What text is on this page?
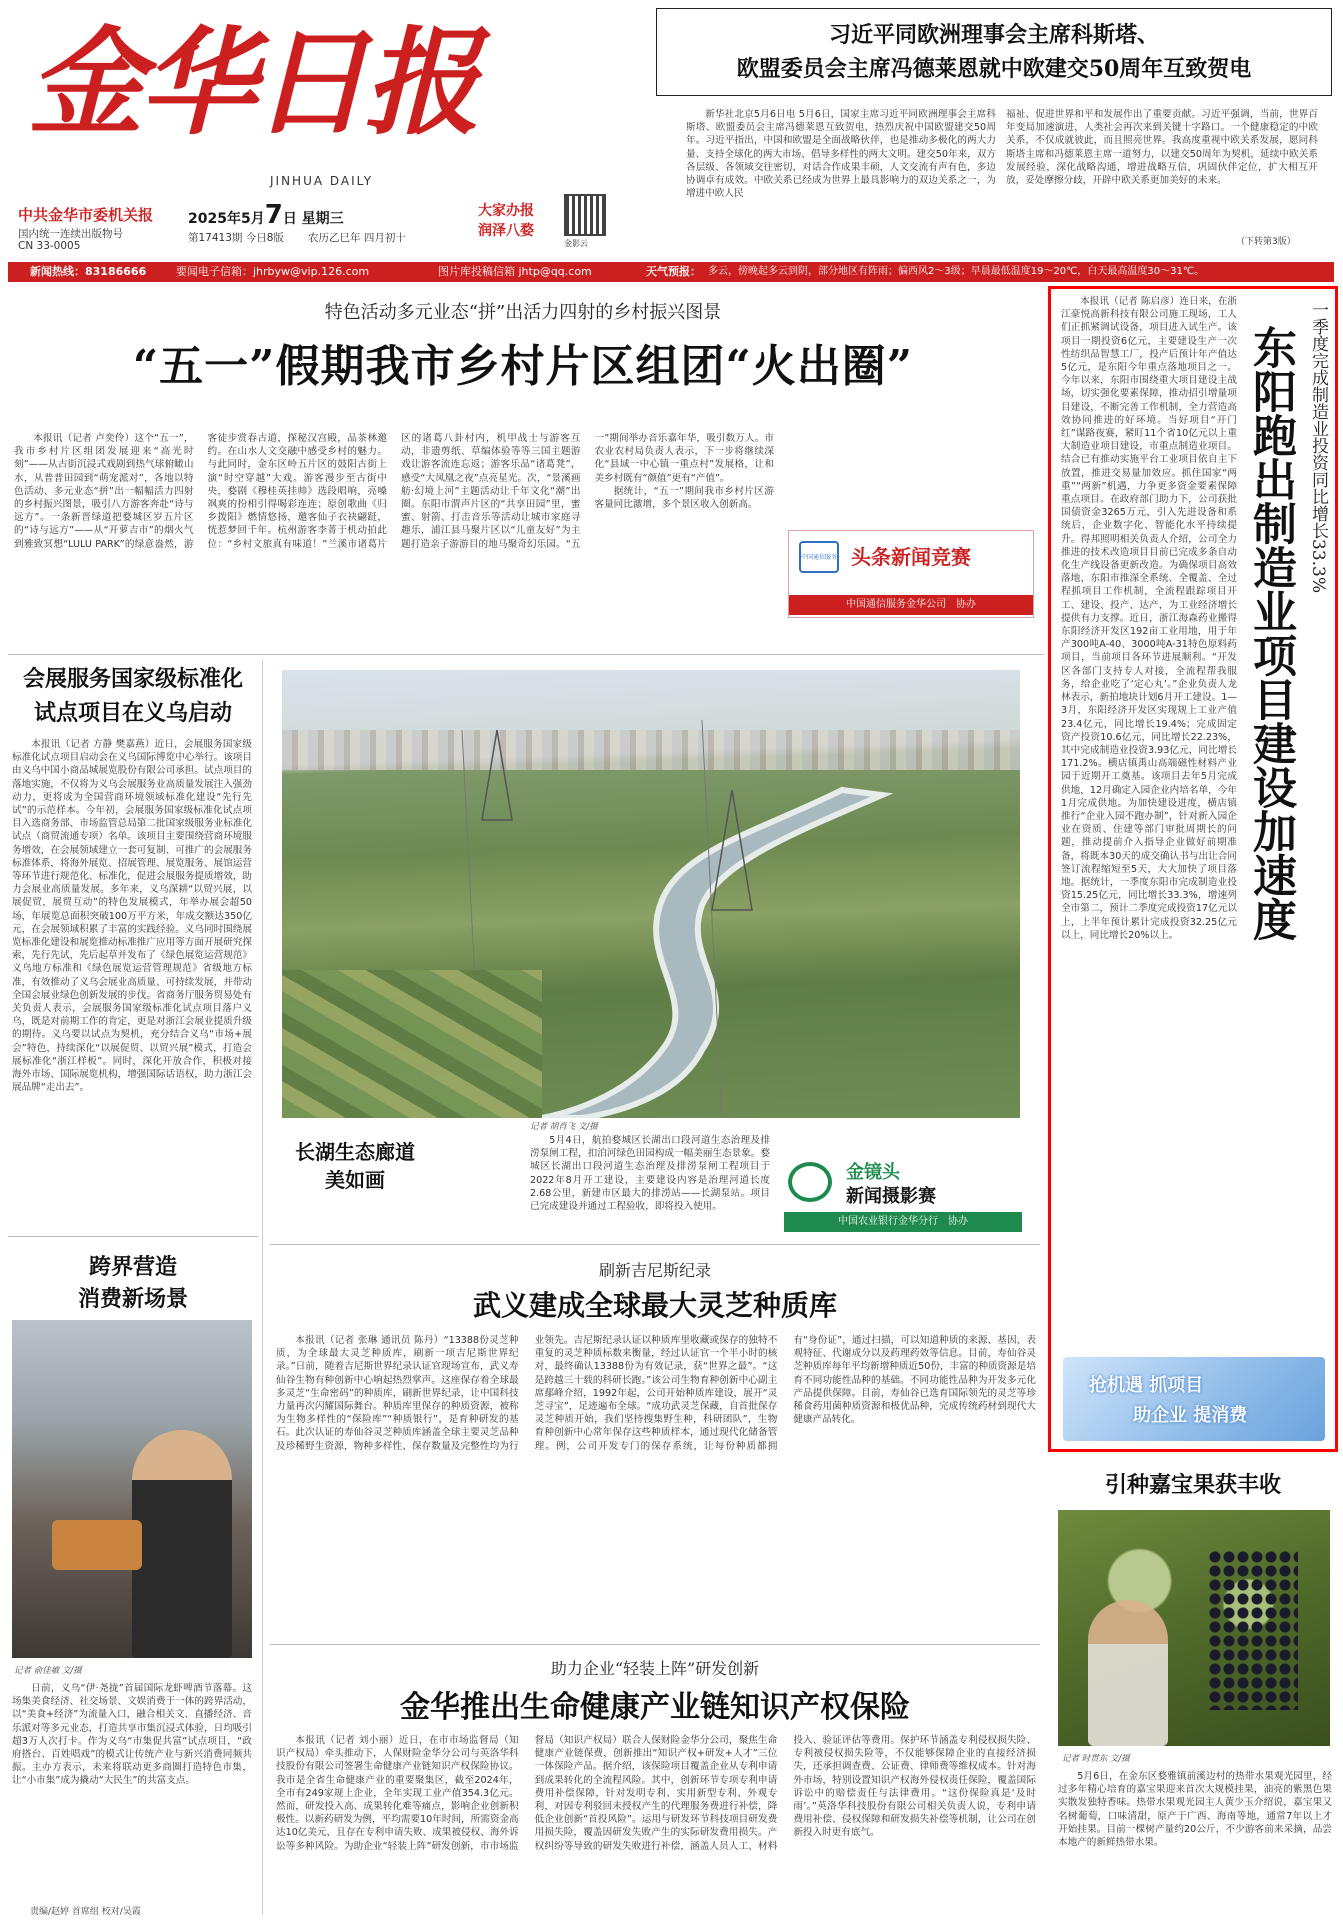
金华日报
JINHUA DAILY
中共金华市委机关报
国内统一连续出版物号
CN 33-0005
2025年5月7日 星期三
第17413期 今日8版 农历乙巳年 四月初十
大家办报
润泽八婺
金影云
习近平同欧洲理事会主席科斯塔、
欧盟委员会主席冯德莱恩就中欧建交50周年互致贺电

新华社北京5月6日电 5月6日，国家主席习近平同欧洲理事会主席科斯塔、欧盟委员会主席冯德莱恩互致贺电，热烈庆祝中国欧盟建交50周年。习近平指出，中国和欧盟是全面战略伙伴，也是推动多极化的两大力量、支持全球化的两大市场、倡导多样性的两大文明。建交50年来，双方各层级、各领域交往密切，对话合作成果丰硕，人文交流有声有色，多边协调卓有成效。中欧关系已经成为世界上最具影响力的双边关系之一，为增进中欧人民

福祉、促进世界和平和发展作出了重要贡献。习近平强调，当前，世界百年变局加速演进，人类社会再次来到关键十字路口。一个健康稳定的中欧关系，不仅成就彼此，而且照亮世界。我高度重视中欧关系发展，愿同科斯塔主席和冯德莱恩主席一道努力，以建交50周年为契机，延续中欧关系发展经验，深化战略沟通，增进战略互信，巩固伙伴定位，扩大相互开放，妥处摩擦分歧，开辟中欧关系更加美好的未来。

（下转第3版）
新闻热线：83186666	要闻电子信箱：jhrbyw@vip.126.com	图片库投稿信箱 jhtp@qq.com	天气预报： 多云，傍晚起多云到阴，部分地区有阵雨；偏西风2～3级；早晨最低温度19～20℃，白天最高温度30～31℃。
特色活动多元业态“拼”出活力四射的乡村振兴图景
“五一”假期我市乡村片区组团“火出圈”

本报讯（记者 卢奕伶）这个“五一”，我市乡村片区组团发展迎来“高光时刻”——从古街沉浸式戏剧到热气球俯瞰山水，从普普田园到“萌宠派对”，各地以特色活动、多元业态“拼”出一幅幅活力四射的乡村振兴图景，吸引八方游客奔赴“诗与远方”。一条新晋绿道把婺城区岁五片区的“诗与远方”——从“开萝吉市”的烟火气到雅致冥想“LULU PARK”的绿意盎然，游客徒步赏春古道，探秘汉宫殿，品茶林邀约。在山水人文交融中感受乡村的魅力。与此同时，金东区岭五片区的鼓阳古街上演“时空穿越”大戏。游客漫步至古街中央，婺剧《穆桂英挂帅》选段唱响，亮嗓飒爽的扮相引得喝彩连连；原创歌曲《归乡拨阳》燃情悠扬，邀客仙子衣袂翩跹，恍惹梦回千年。杭州游客李菁于机动拍此位：“乡村文旅真有味道！”兰溪市诸葛片区的诸葛八卦村内，机甲战士与游客互动，非遗剪纸、草编体验等等三国主题游戏让游客流连忘返；游客乐品“诸葛凳”，感受“大凤凰之夜”点亮星光。次，“景溪画舫·幻境上河”主题活动让千年文化“潮”出圈。东阳市渭声片区的“共享田园”里，蜜蜜、射箭、打击音乐等活动让城市家庭寻趣乐，浦江县马聚片区以“儿童友好”为主题打造亲子游游目的地马聚奇幻乐园。“五一”期间举办音乐嘉年华，吸引数万人。市农业农村局负责人表示，下一步将继续深化“县域一中心镇一重点村”发展格，让和美乡村既有“颜值”更有“产值”。

据统计，“五一”期间我市乡村片区游客量同比激增，多个景区收入创新高。

中国通信服务 头条新闻竞赛
中国通信服务金华公司　协办
会展服务国家级标准化
试点项目在义乌启动

本报讯（记者 方静 樊嘉燕）近日，会展服务国家级标准化试点项目启动会在义乌国际博览中心举行。该项目由义乌中国小商品城展览股份有限公司承担。试点项目的落地实施，不仅将为义乌会展服务业高质量发展注入强劲动力，更将成为全国营商环境领域标准化建设“先行先试”的示范样本。今年初，会展服务国家级标准化试点项目入选商务部、市场监管总局第二批国家级服务业标准化试点（商贸流通专项）名单。该项目主要围绕营商环境服务增效，在会展领域建立一套可复制、可推广的会展服务标准体系，将海外展览、招展管理、展览服务、展馆运营等环节进行规范化、标准化，促进会展服务提质增效，助力会展业高质量发展。多年来，义乌深耕“以贸兴展，以展促贸，展贸互动”的特色发展模式，年举办展会超50场，年展览总面积突破100万平方米，年成交额达350亿元，在会展领域积累了丰富的实践经验。义乌同时围绕展览标准化建设和展览推动标准推广应用等方面开展研究探索，先行先试，先后起草并发布了《绿色展览运营规范》义乌地方标准和《绿色展览运营管理规范》省级地方标准，有效推动了义乌会展业高质量、可持续发展，并带动全国会展业绿色创新发展的步伐。省商务厅服务贸易处有关负责人表示，会展服务国家级标准化试点项目落户义乌，既是对前期工作的肯定，更是对浙江会展业提质升级的期待。义乌要以试点为契机，充分结合义乌“市场+展会”特色，持续深化“以展促贸、以贸兴展”模式，打造会展标准化“浙江样板”。同时，深化开放合作，积极对接海外市场、国际展览机构，增强国际话语权，助力浙江会展品牌“走出去”。

长湖生态廊道
美如画
记者 胡肖飞 文/摄

5月4日，航拍婺城区长湖出口段河道生态治理及排涝泵闸工程，扣泊河绿色田园构成一幅美丽生态景象。婺城区长湖出口段河道生态治理及排涝泵闸工程项目于2022年8月开工建设，主要建设内容是治理河道长度2.68公里，新建市区最大的排涝站——长湖泵站。项目已完成建设并通过工程验收，即将投入使用。

金镜头
新闻摄影赛
中国农业银行金华分行　协办

本报讯（记者 陈启彦）连日来，在浙江豪悦高新科技有限公司施工现场，工人们正抓紧调试设备，项目进入试生产。该项目一期投资6亿元，主要建设生产一次性纺织品智慧工厂，投产后预计年产值达5亿元，是东阳今年重点落地项目之一。今年以来，东阳市围绕重大项目建设主战场，切实强化要素保障，推动招引增量项目建设，不断完善工作机制，全力营造高效协同推进的好环境。当好项目“开门红”谋路夜赛，紧盯11个省10亿元以上重大制造业项目建设，市重点制造业项目。结合已有推动实施平台工业项目依自主下放置，推进交易量加效应。抓住国家“两重”“两新”机遇，力争更多资金要素保障重点项目。在政府部门助力下，公司获批国债资金3265万元，引入先进设备和系统后，企业数字化、智能化水平持续提升。得邦照明相关负责人介绍，公司全力推进的技术改造项目目前已完成多条自动化生产线设备更新改造。为确保项目高效落地，东阳市推深全系统、全覆盖、全过程抓项目工作机制，全流程跟踪项目开工、建设、投产、达产，为工业经济增长提供有力支撑。近日，浙江海森药业搬得东阳经济开发区192亩工业用地，用于年产300吨A-40、3000吨A-31特色原料药项目，当前项目各环节进展顺利。“开发区各部门支持专人对接，全流程帮我服务，给企业吃了‘定心丸’。”企业负责人龙林表示，新拍地块计划6月开工建设。1—3月，东阳经济开发区实现规上工业产值23.4亿元，同比增长19.4%；完成固定资产投资10.6亿元，同比增长22.23%，其中完成制造业投资3.93亿元，同比增长171.2%。横店镇禹山高端磁性材料产业园于近期开工奠基。该项目去年5月完成供地，12月确定入园企业内培名单，今年1月完成供地。为加快建设进度，横店镇推行“企业入园不跑办制”，针对新入园企业在资质、住建等部门审批周期长的问题，推动提前介入指导企业做好前期准备，将既本30天的成交确认书与出让合同签订流程缩短至5天，大大加快了项目落地。据统计，一季度东阳市完成制造业投资15.25亿元，同比增长33.3%，增速列全市第二，预计二季度完成投资17亿元以上，上半年预计累计完成投资32.25亿元以上，同比增长20%以上。	东阳跑出制造业项目建设加速度 一季度完成制造业投资同比增长33.3%
抢机遇 抓项目
助企业 提消费
刷新吉尼斯纪录
武义建成全球最大灵芝种质库

本报讯（记者 张琳 通讯员 陈丹）“13388份灵芝种质，为全球最大灵芝种质库，刷新一项吉尼斯世界纪录。”日前，随着吉尼斯世界纪录认证官现场宣布，武义寿仙谷生物有种创新中心响起热烈掌声。这座保存着全球最多灵芝“生命密码”的种质库，刷新世界纪录，让中国科技力量再次闪耀国际舞台。种质库里保存的种质资源，被称为生物多样性的“保险库”“种质银行”，是育种研发的基石。此次认证的寿仙谷灵芝种质库涵盖全球主要灵芝品种及珍稀野生资源，物种多样性、保存数量及完整性均为行业领先。吉尼斯纪录认证以种质库里收藏或保存的独特不重复的灵芝种质标数来衡量，经过认证官一个半小时的核对，最终确认13388份为有效记录，获“世界之最”。“这是跨越三十载的科研长跑。”该公司生物育种创新中心副主席鄢峰介绍，1992年起，公司开始种质库建设，展开“灵芝寻宝”，足迹遍布全球。“成功武灵芝保藏，自首批保存灵芝种质开始，我们坚持搜集野生种，科研团队”，生物育种创新中心常年保存这些种质样本，通过现代化储备管理。例，公司开发专门的保存系统，让每份种质都拥有“身份证”，通过扫描，可以知道种质的来源、基因、表观特征、代谢成分以及药理药效等信息。目前，寿仙谷灵芝种质库每年平均新增种质近50份，丰富的种质资源是培育不同功能性品种的基础。不同功能性品种为开发多元化产品提供保障。目前，寿仙谷已选育国际领先的灵芝等珍稀食药用菌种质资源和极优品种，完成传统药材到现代大健康产品转化。

引种嘉宝果获丰收
记者 时贯东 文/摄

5月6日，在金东区婺雅镇前溪边村的热带水果观光园里，经过多年精心培育的嘉宝果迎来首次大规模挂果，油亮的紫黑色果实散发独特香味。热带水果观光园主人黄少玉介绍说，嘉宝果又名树葡萄，口味清甜，原产于广西、海南等地，通常7年以上才开始挂果。目前一棵树产量约20公斤，不少游客前来采摘，品尝本地产的新鲜热带水果。

跨界营造
消费新场景
记者 俞佳敏 文/摄

日前，义乌“伊·尧拢”首届国际龙虾啤酒节落幕。这场集美食经济、社交场景、文娱消费于一体的跨界活动，以“美食+经济”为流量入口，融合相关文、直播经济、音乐派对等多元业态，打造共享市集沉浸式体验，日均吸引超3万人次打卡。作为义乌“市集促共富”试点项目，“政府搭台、百姓唱戏”的模式让传统产业与新兴消费同频共振。主办方表示，未来将联动更多商圈打造特色市集，让“小市集”成为撬动“大民生”的共富支点。

助力企业“轻装上阵”研发创新
金华推出生命健康产业链知识产权保险

本报讯（记者 刘小丽）近日，在市市场监督局（知识产权局）牵头推动下，人保财险金华分公司与英洛华科技股份有限公司签署生命健康产业链知识产权保险协议。我市是全省生命健康产业的重要聚集区，截至2024年，全市有249家规上企业，全年实现工业产值354.3亿元。然而，研发投入高、成果转化难等痛点，影响企业创新积极性。以新药研发为例，平均需要10年时间，所需资金高达10亿美元，且存在专利申请失败、成果被侵权、海外诉讼等多种风险。为助企业“轻装上阵”研发创新，市市场监督局（知识产权局）联合人保财险金华分公司，聚焦生命健康产业链保费，创新推出“知识产权+研发+人才”三位一体保险产品。据介绍，该保险项目覆盖企业从专利申请到成果转化的全流程风险。其中，创新环节专项专利申请费用补偿保障，针对发明专利、实用新型专利、外观专利，对因专利驳回未授权产生的代理服务费进行补偿，降低企业创新“首投风险”。运用与研发环节科技项目研发费用损失险，覆盖因研发失败产生的实际研发费用损失。产权纠纷等导致的研发失败进行补偿，涵盖人员人工、材料投入、验证评估等费用。保护环节涵盖专利侵权损失险、专利被侵权损失险等，不仅能够保障企业的直接经济损失，还承担调查费、公证费、律师费等维权成本。针对海外市场，特别设置知识产权海外侵权责任保险，覆盖国际诉讼中的赔偿责任与法律费用。“这份保险真是‘及时雨’。”英洛华科技股份有限公司相关负责人说，专利申请费用补偿、侵权保障和研发损失补偿等机制，让公司在创新投入时更有底气。

责编/赵婷 首席组 校对/吴霞
